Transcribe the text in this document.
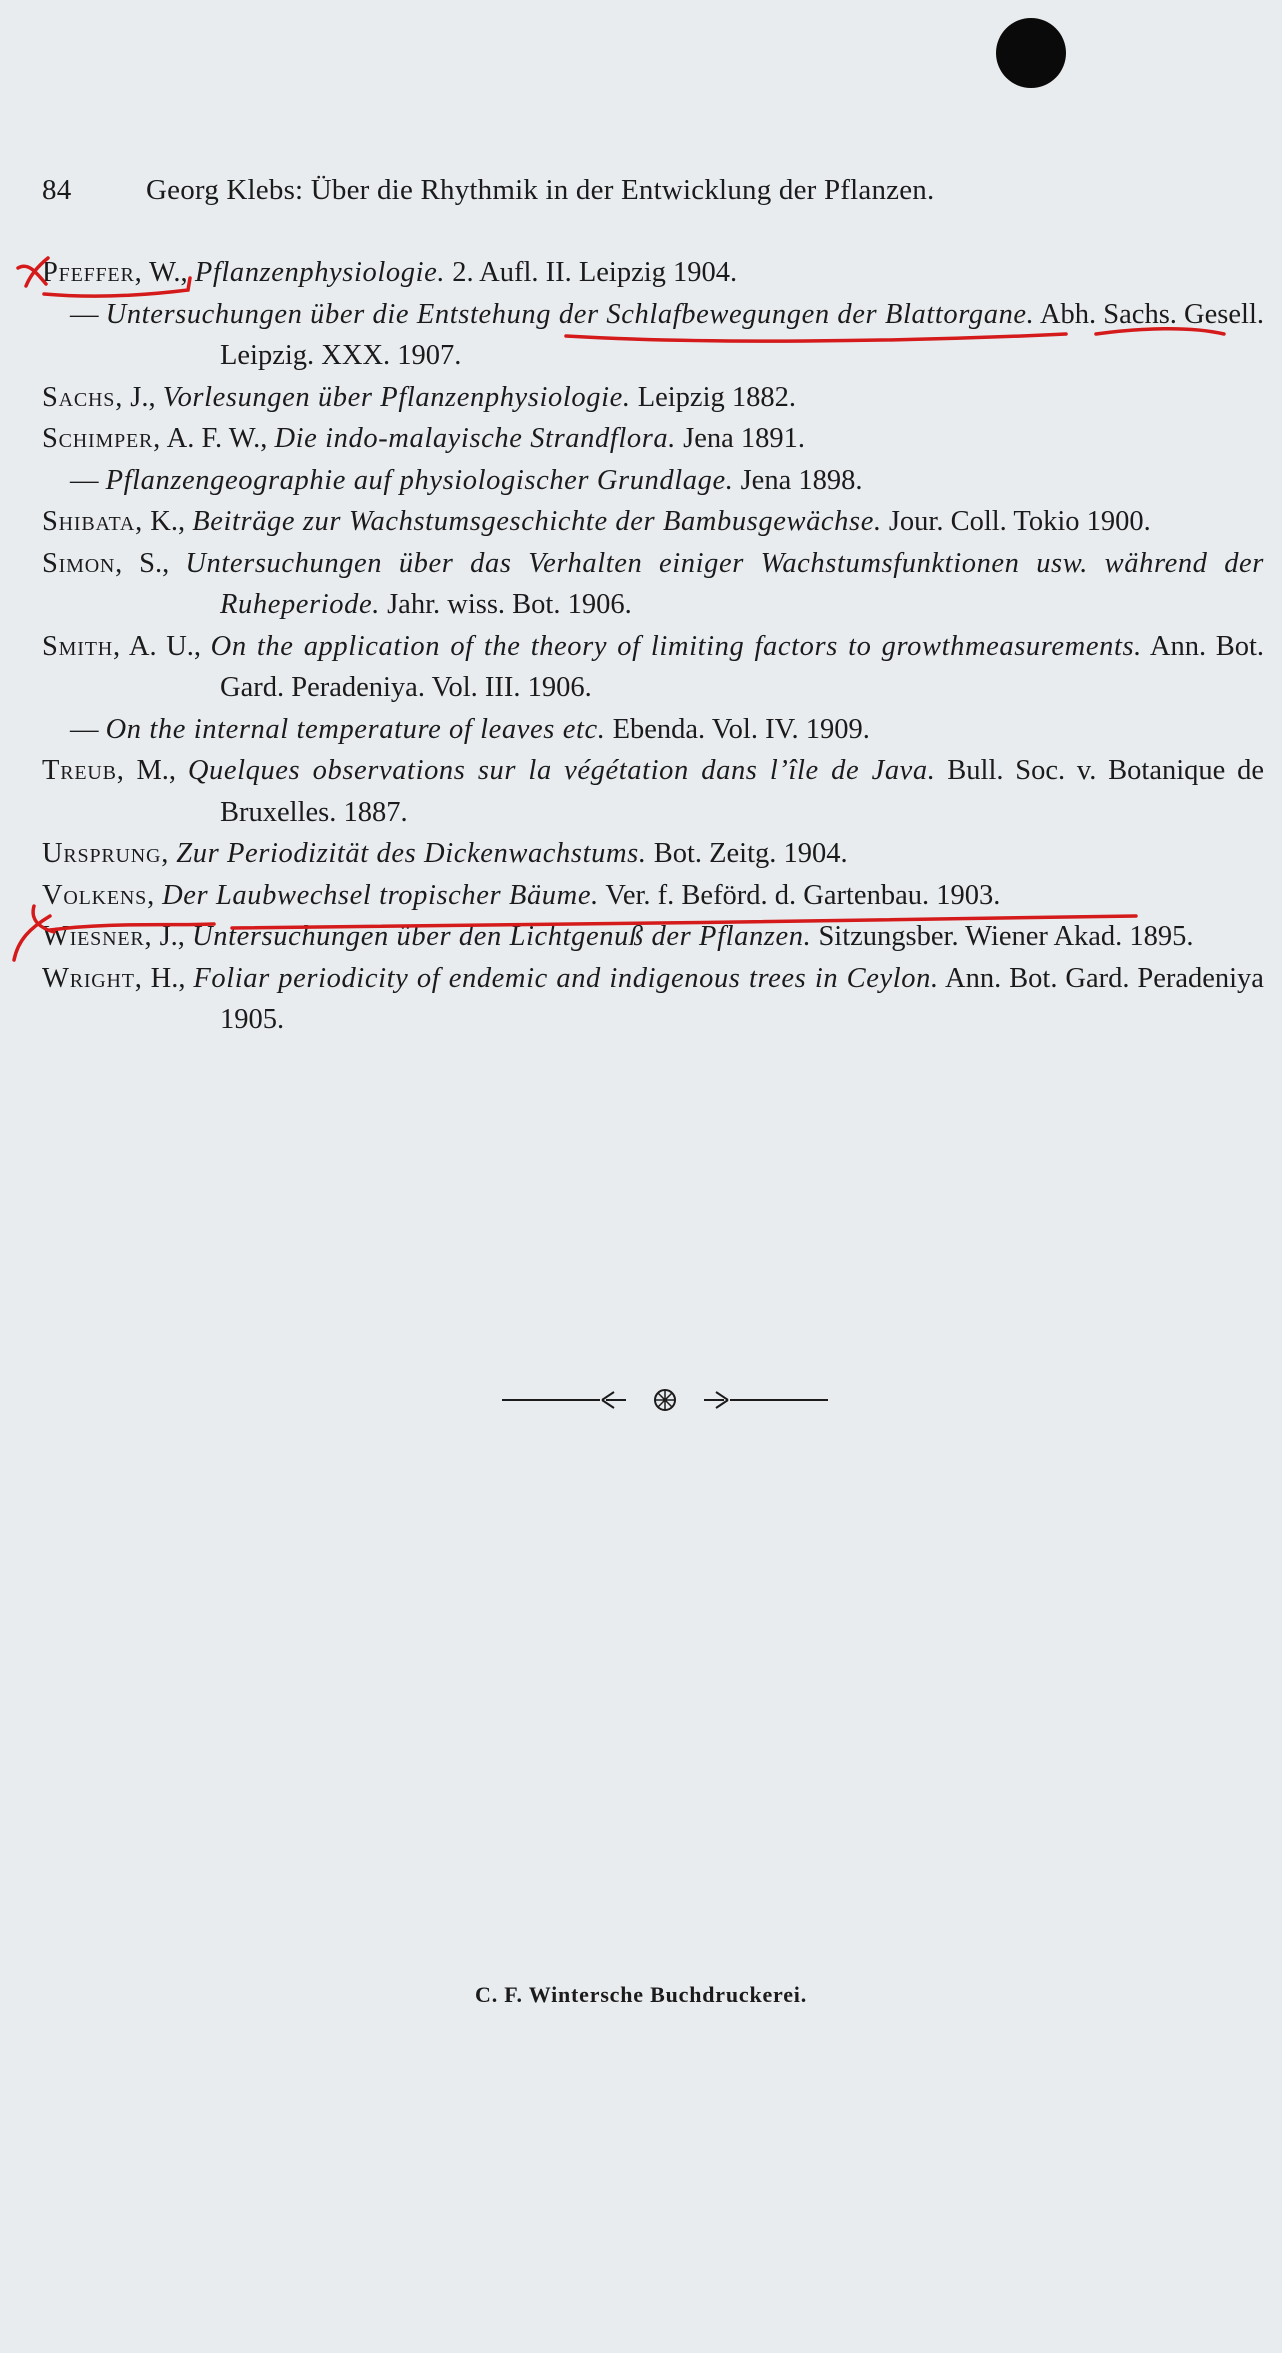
84	Georg Klebs: Über die Rhythmik in der Entwicklung der Pflanzen.
Pfeffer, W., Pflanzenphysiologie. 2. Aufl. II. Leipzig 1904.
— Untersuchungen über die Entstehung der Schlafbewegungen der Blattorgane. Abh. Sachs. Gesell. Leipzig. XXX. 1907.
Sachs, J., Vorlesungen über Pflanzenphysiologie. Leipzig 1882.
Schimper, A. F. W., Die indo-malayische Strandflora. Jena 1891.
— Pflanzengeographie auf physiologischer Grundlage. Jena 1898.
Shibata, K., Beiträge zur Wachstumsgeschichte der Bambusgewächse. Jour. Coll. Tokio 1900.
Simon, S., Untersuchungen über das Verhalten einiger Wachstumsfunktionen usw. während der Ruheperiode. Jahr. wiss. Bot. 1906.
Smith, A. U., On the application of the theory of limiting factors to growthmeasurements. Ann. Bot. Gard. Peradeniya. Vol. III. 1906.
— On the internal temperature of leaves etc. Ebenda. Vol. IV. 1909.
Treub, M., Quelques observations sur la végétation dans l’île de Java. Bull. Soc. v. Botanique de Bruxelles. 1887.
Ursprung, Zur Periodizität des Dickenwachstums. Bot. Zeitg. 1904.
Volkens, Der Laubwechsel tropischer Bäume. Ver. f. Beförd. d. Gartenbau. 1903.
Wiesner, J., Untersuchungen über den Lichtgenuß der Pflanzen. Sitzungsber. Wiener Akad. 1895.
Wright, H., Foliar periodicity of endemic and indigenous trees in Ceylon. Ann. Bot. Gard. Peradeniya 1905.
C. F. Wintersche Buchdruckerei.
